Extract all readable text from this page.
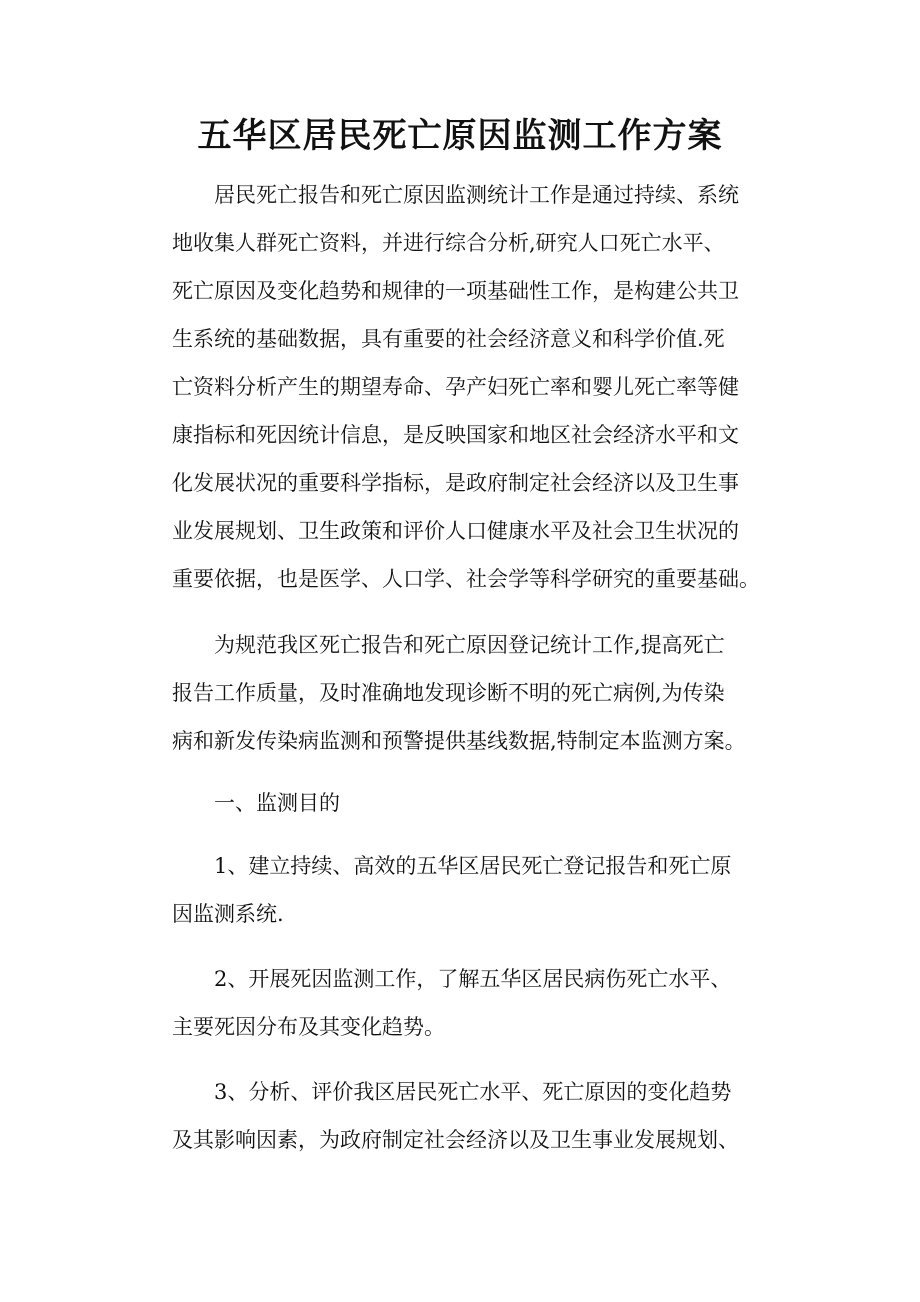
五华区居民死亡原因监测工作方案
居民死亡报告和死亡原因监测统计工作是通过持续、系统
地收集人群死亡资料，并进行综合分析,研究人口死亡水平、
死亡原因及变化趋势和规律的一项基础性工作，是构建公共卫
生系统的基础数据，具有重要的社会经济意义和科学价值.死
亡资料分析产生的期望寿命、孕产妇死亡率和婴儿死亡率等健
康指标和死因统计信息，是反映国家和地区社会经济水平和文
化发展状况的重要科学指标，是政府制定社会经济以及卫生事
业发展规划、卫生政策和评价人口健康水平及社会卫生状况的
重要依据，也是医学、人口学、社会学等科学研究的重要基础。
为规范我区死亡报告和死亡原因登记统计工作,提高死亡
报告工作质量，及时准确地发现诊断不明的死亡病例,为传染
病和新发传染病监测和预警提供基线数据,特制定本监测方案。
一、监测目的
1、建立持续、高效的五华区居民死亡登记报告和死亡原
因监测系统.
2、开展死因监测工作，了解五华区居民病伤死亡水平、
主要死因分布及其变化趋势。
3、分析、评价我区居民死亡水平、死亡原因的变化趋势
及其影响因素，为政府制定社会经济以及卫生事业发展规划、
